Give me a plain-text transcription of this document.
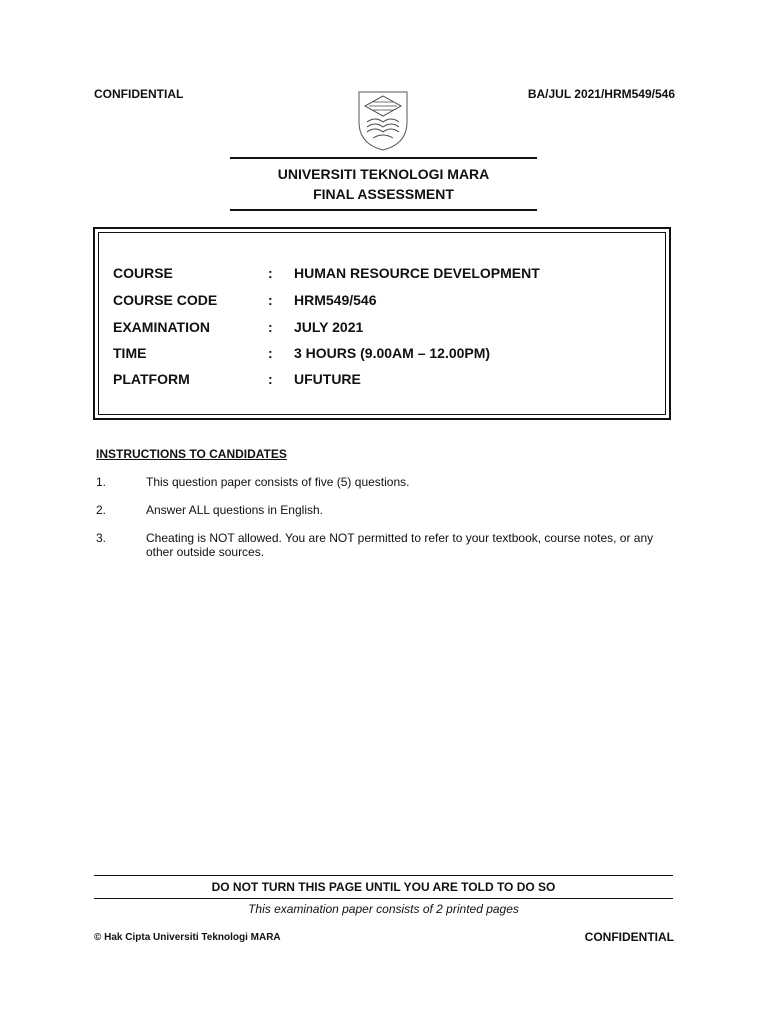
CONFIDENTIAL	BA/JUL 2021/HRM549/546
UNIVERSITI TEKNOLOGI MARA
FINAL ASSESSMENT
COURSE	: HUMAN RESOURCE DEVELOPMENT
COURSE CODE	: HRM549/546
EXAMINATION	: JULY 2021
TIME	: 3 HOURS (9.00AM – 12.00PM)
PLATFORM	: UFUTURE
INSTRUCTIONS TO CANDIDATES
1.	This question paper consists of five (5) questions.
2.	Answer ALL questions in English.
3.	Cheating is NOT allowed. You are NOT permitted to refer to your textbook, course notes, or any other outside sources.
DO NOT TURN THIS PAGE UNTIL YOU ARE TOLD TO DO SO
This examination paper consists of 2 printed pages
© Hak Cipta Universiti Teknologi MARA	CONFIDENTIAL
